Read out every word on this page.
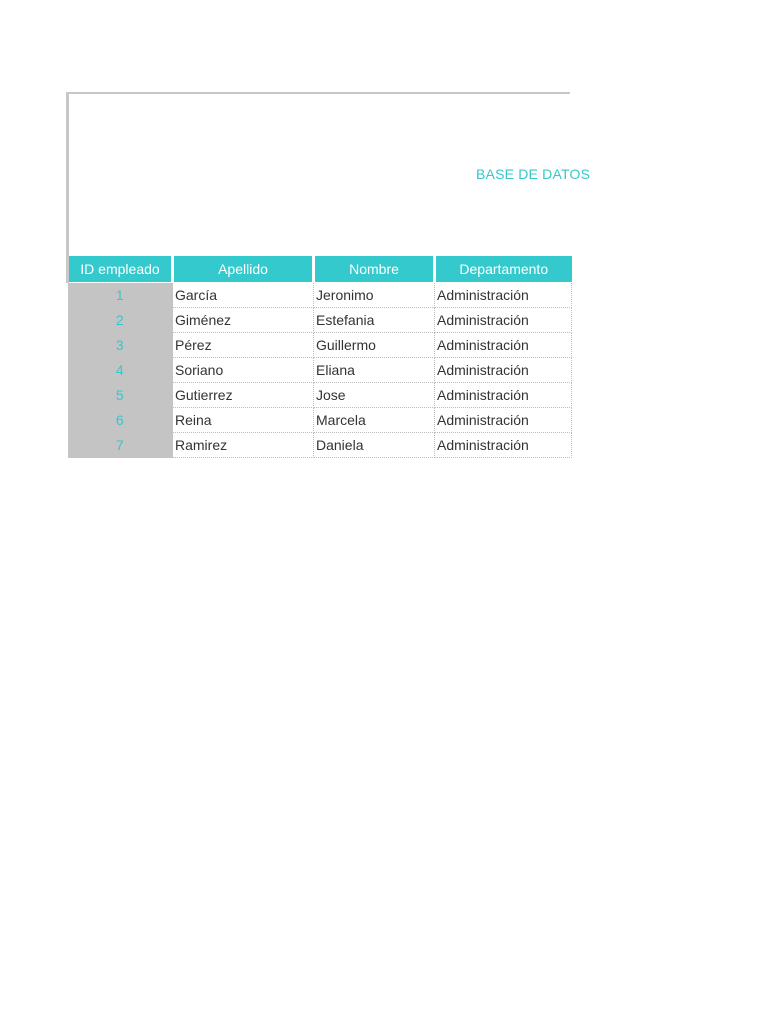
BASE DE DATOS
ID empleado	Apellido	Nombre	Departamento
1	García	Jeronimo	Administración
2	Giménez	Estefania	Administración
3	Pérez	Guillermo	Administración
4	Soriano	Eliana	Administración
5	Gutierrez	Jose	Administración
6	Reina	Marcela	Administración
7	Ramirez	Daniela	Administración
